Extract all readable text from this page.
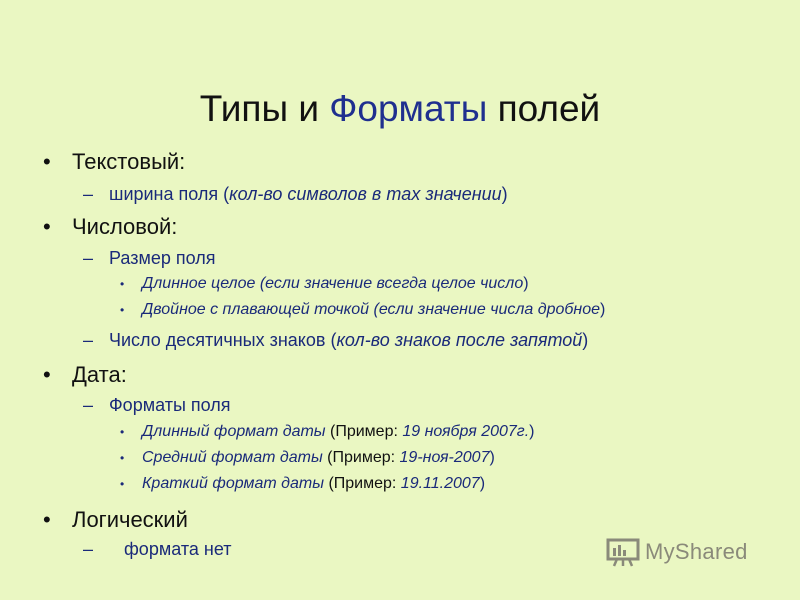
Типы и Форматы полей
• Текстовый:
– ширина поля (кол-во символов в max значении)
• Числовой:
– Размер поля
• Длинное целое (если значение всегда целое число)
• Двойное с плавающей точкой (если значение числа дробное)
– Число десятичных знаков (кол-во знаков после запятой)
• Дата:
– Форматы поля
• Длинный формат даты (Пример: 19 ноября 2007г.)
• Средний формат даты (Пример: 19-ноя-2007)
• Краткий формат даты (Пример: 19.11.2007)
• Логический
– формата нет	MyShared
